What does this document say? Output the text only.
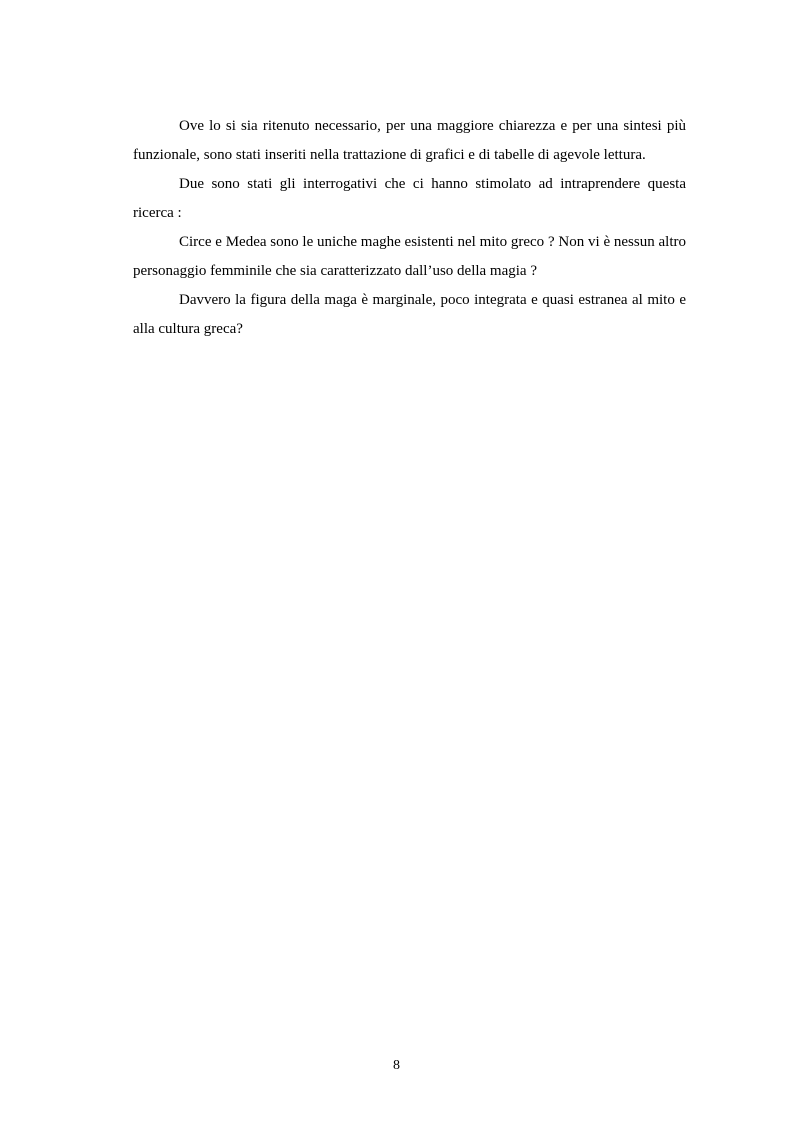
Ove lo si sia ritenuto necessario, per una maggiore chiarezza e per una sintesi più funzionale, sono stati inseriti nella trattazione di grafici e di tabelle di agevole lettura.

Due sono stati gli interrogativi che ci hanno stimolato ad intraprendere questa ricerca :

Circe e Medea sono le uniche maghe esistenti nel mito greco ? Non vi è nessun altro personaggio femminile che sia caratterizzato dall’uso della magia ?

Davvero la figura della maga è marginale, poco integrata e quasi estranea al mito e alla cultura greca?

8
